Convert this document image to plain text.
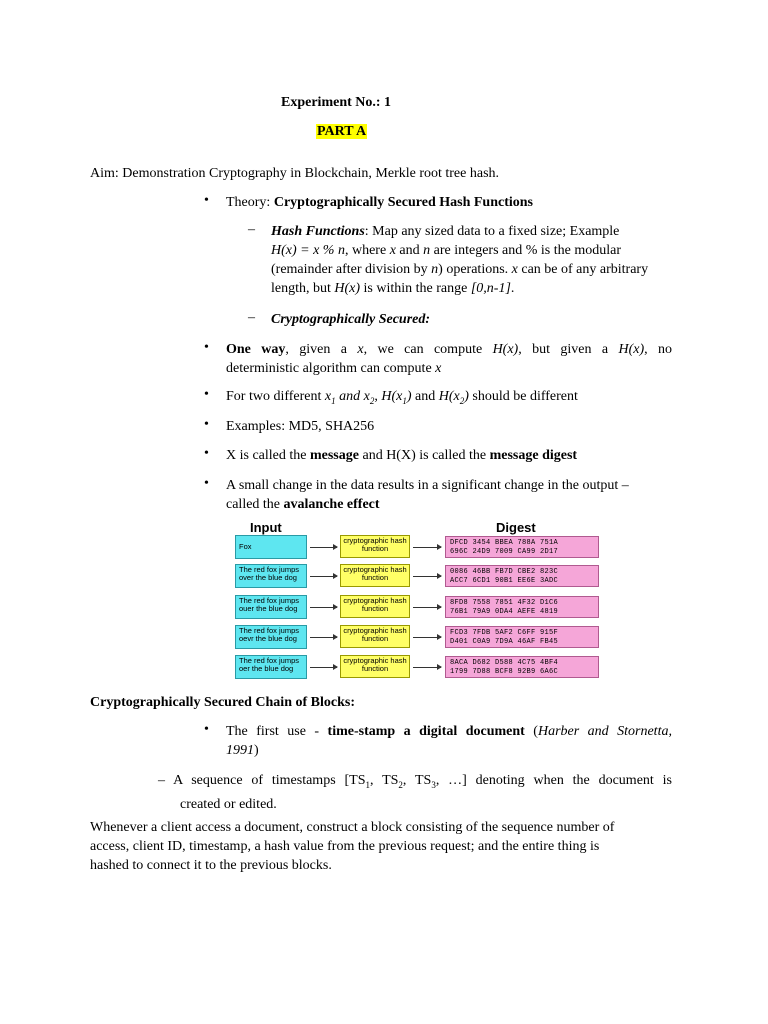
Experiment No.: 1
PART A
Aim: Demonstration Cryptography in Blockchain, Merkle root tree hash.
• Theory: Cryptographically Secured Hash Functions
– Hash Functions: Map any sized data to a fixed size; Example
H(x) = x % n, where x and n are integers and % is the modular
(remainder after division by n) operations. x can be of any arbitrary
length, but H(x) is within the range [0,n-1].
– Cryptographically Secured:
• One way, given a x, we can compute H(x), but given a H(x), no
deterministic algorithm can compute x
• For two different $x_1$ and $x_2$, $H(x_1)$ and $H(x_2)$ should be different
• Examples: MD5, SHA256
• X is called the message and H(X) is called the message digest
• A small change in the data results in a significant change in the output –
called the avalanche effect
Input	Digest
Fox
cryptographic hash function
DFCD 3454 BBEA 788A 751A
696C 24D9 7009 CA99 2D17
The red fox jumps over the blue dog
cryptographic hash function
0086 46BB FB7D CBE2 823C
ACC7 6CD1 90B1 EE6E 3ADC
The red fox jumps ouer the blue dog
cryptographic hash function
8FD8 7558 7851 4F32 D1C6
76B1 79A9 0DA4 AEFE 4819
The red fox jumps oevr the blue dog
cryptographic hash function
FCD3 7FDB 5AF2 C6FF 915F
D401 C0A9 7D9A 46AF FB45
The red fox jumps oer the blue dog
cryptographic hash function
8ACA D682 D588 4C75 4BF4
1799 7D88 BCF8 92B9 6A6C
Cryptographically Secured Chain of Blocks:
• The first use - time-stamp a digital document (Harber and Stornetta,
1991)
– A sequence of timestamps [$TS_1$, $TS_2$, $TS_3$, …] denoting when the document is
created or edited.
Whenever a client access a document, construct a block consisting of the sequence number of
access, client ID, timestamp, a hash value from the previous request; and the entire thing is
hashed to connect it to the previous blocks.
